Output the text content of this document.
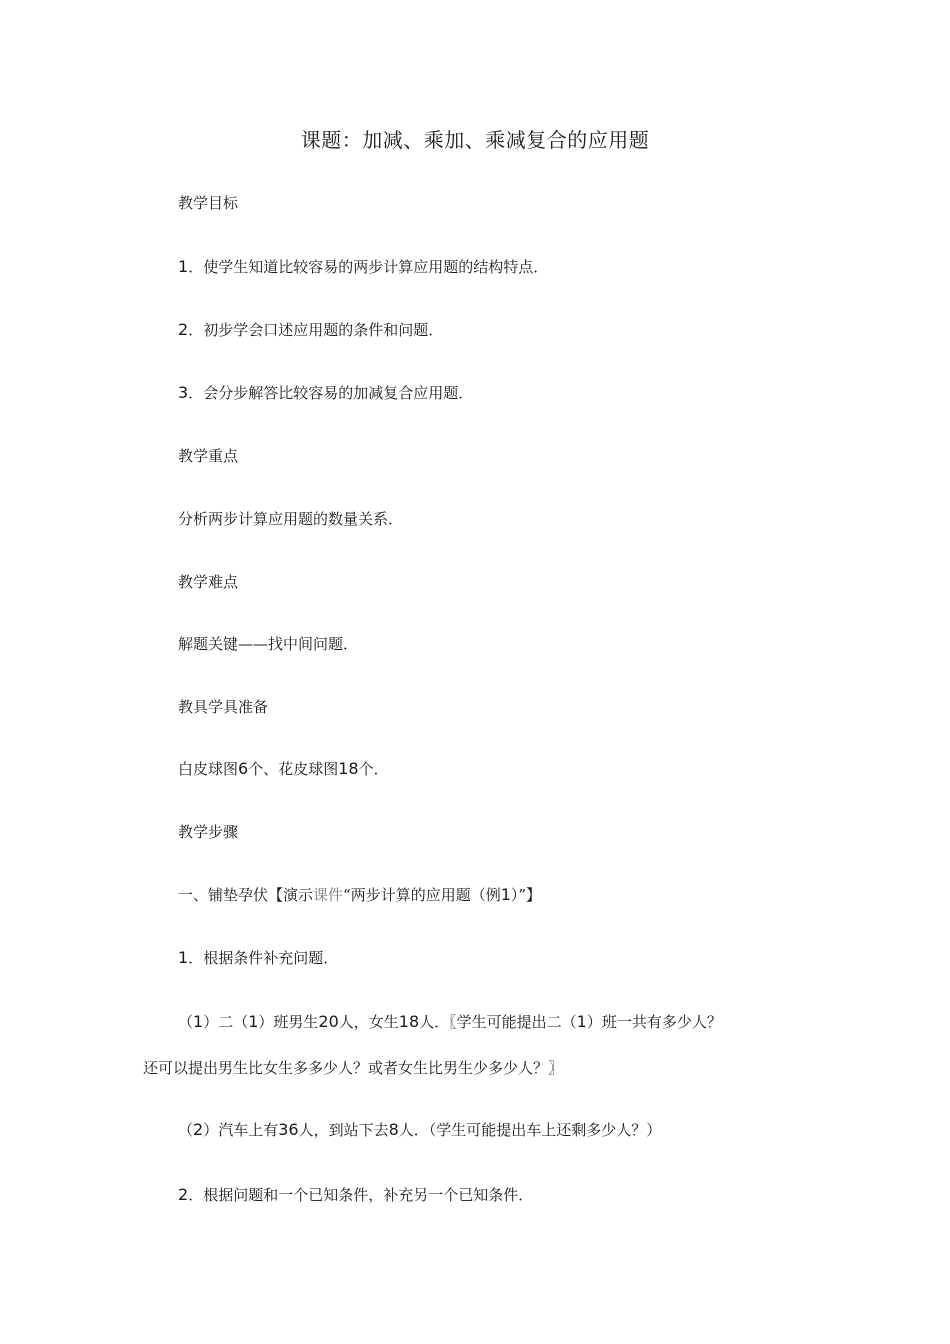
课题：加减、乘加、乘减复合的应用题
教学目标
1．使学生知道比较容易的两步计算应用题的结构特点．
2．初步学会口述应用题的条件和问题．
3．会分步解答比较容易的加减复合应用题．
教学重点
分析两步计算应用题的数量关系．
教学难点
解题关键——找中间问题．
教具学具准备
白皮球图6个、花皮球图18个．
教学步骤
一、铺垫孕伏【演示课件“两步计算的应用题（例1）”】
1．根据条件补充问题．
（1）二（1）班男生20人，女生18人．〖学生可能提出二（1）班一共有多少人？
还可以提出男生比女生多多少人？或者女生比男生少多少人？〗
（2）汽车上有36人，到站下去8人．（学生可能提出车上还剩多少人？）
2．根据问题和一个已知条件，补充另一个已知条件．
